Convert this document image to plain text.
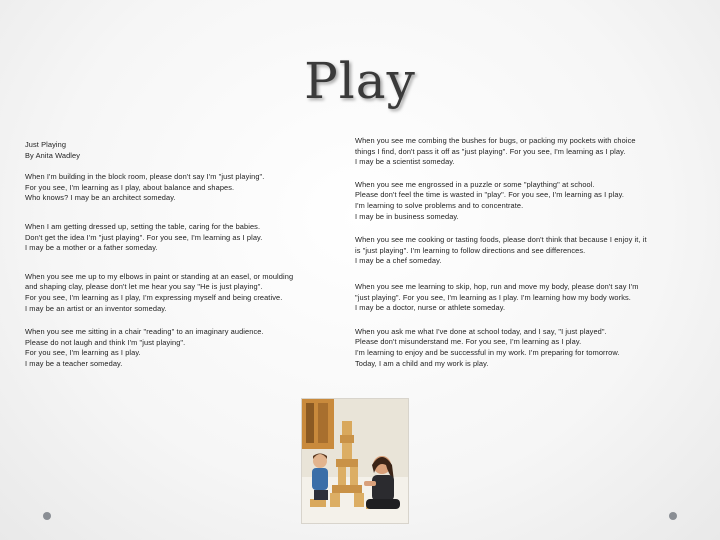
Play
Just Playing
By Anita Wadley
When I'm building in the block room, please don't say I'm "just playing".
For you see, I'm learning as I play, about balance and shapes.
Who knows? I may be an architect someday.
When I am getting dressed up, setting the table, caring for the babies.
Don't get the idea I'm "just playing". For you see, I'm learning as I play.
I may be a mother or a father someday.
When you see me up to my elbows in paint or standing at an easel, or moulding
and shaping clay, please don't let me hear you say "He is just playing".
For you see, I'm learning as I play, I'm expressing myself and being creative.
I may be an artist or an inventor someday.
When you see me sitting in a chair "reading" to an imaginary audience.
Please do not laugh and think I'm "just playing".
For you see, I'm learning as I play.
I may be a teacher someday.
When you see me combing the bushes for bugs, or packing my pockets with choice
things I find, don't pass it off as "just playing". For you see, I'm learning as I play.
I may be a scientist someday.
When you see me engrossed in a puzzle or some "plaything" at school.
Please don't feel the time is wasted in "play". For you see, I'm learning as I play.
I'm learning to solve problems and to concentrate.
I may be in business someday.
When you see me cooking or tasting foods, please don't think that because I enjoy it, it
is "just playing". I'm learning to follow directions and see differences.
I may be a chef someday.
When you see me learning to skip, hop, run and move my body, please don't say I'm
"just playing". For you see, I'm learning as I play. I'm learning how my body works.
I may be a doctor, nurse or athlete someday.
When you ask me what I've done at school today, and I say, "I just played".
Please don't misunderstand me. For you see, I'm learning as I play.
I'm learning to enjoy and be successful in my work. I'm preparing for tomorrow.
Today, I am a child and my work is play.
